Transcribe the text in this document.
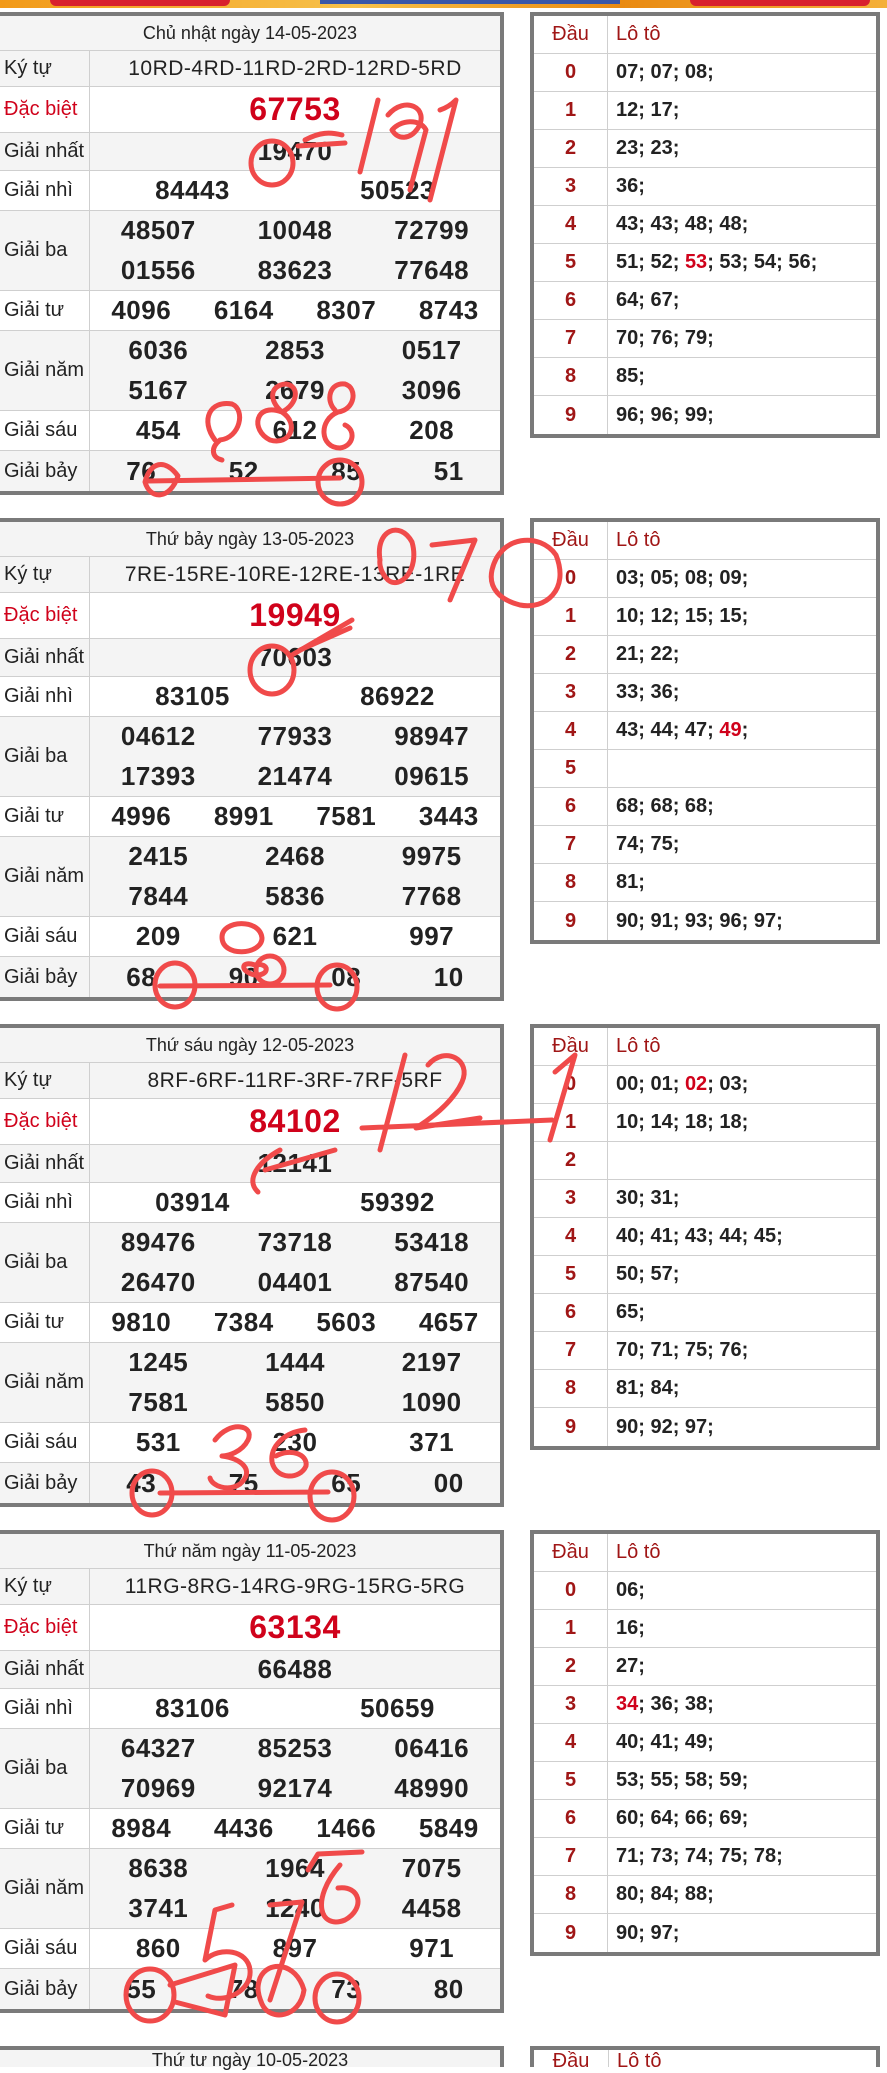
Chủ nhật ngày 14-05-2023
Ký tự	10RD-4RD-11RD-2RD-12RD-5RD
Đặc biệt	67753
Giải nhất	19470
Giải nhì	84443	50523
Giải ba
48507	10048	72799
01556	83623	77648
Giải tư	4096	6164	8307	8743
Giải năm
6036	2853	0517
5167	2679	3096
Giải sáu	454	612	208
Giải bảy	76	52	85	51
Đầu	Lô tô
0	07; 07; 08;
1	12; 17;
2	23; 23;
3	36;
4	43; 43; 48; 48;
5	51; 52; 53; 53; 54; 56;
6	64; 67;
7	70; 76; 79;
8	85;
9	96; 96; 99;
Thứ bảy ngày 13-05-2023
Ký tự	7RE-15RE-10RE-12RE-13RE-1RE
Đặc biệt	19949
Giải nhất	70603
Giải nhì	83105	86922
Giải ba
04612	77933	98947
17393	21474	09615
Giải tư	4996	8991	7581	3443
Giải năm
2415	2468	9975
7844	5836	7768
Giải sáu	209	621	997
Giải bảy	68	90	08	10
Đầu	Lô tô
0	03; 05; 08; 09;
1	10; 12; 15; 15;
2	21; 22;
3	33; 36;
4	43; 44; 47; 49;
5
6	68; 68; 68;
7	74; 75;
8	81;
9	90; 91; 93; 96; 97;
Thứ sáu ngày 12-05-2023
Ký tự	8RF-6RF-11RF-3RF-7RF-5RF
Đặc biệt	84102
Giải nhất	12141
Giải nhì	03914	59392
Giải ba
89476	73718	53418
26470	04401	87540
Giải tư	9810	7384	5603	4657
Giải năm
1245	1444	2197
7581	5850	1090
Giải sáu	531	230	371
Giải bảy	43	75	65	00
Đầu	Lô tô
0	00; 01; 02; 03;
1	10; 14; 18; 18;
2
3	30; 31;
4	40; 41; 43; 44; 45;
5	50; 57;
6	65;
7	70; 71; 75; 76;
8	81; 84;
9	90; 92; 97;
Thứ năm ngày 11-05-2023
Ký tự	11RG-8RG-14RG-9RG-15RG-5RG
Đặc biệt	63134
Giải nhất	66488
Giải nhì	83106	50659
Giải ba
64327	85253	06416
70969	92174	48990
Giải tư	8984	4436	1466	5849
Giải năm
8638	1964	7075
3741	1240	4458
Giải sáu	860	897	971
Giải bảy	55	78	73	80
Đầu	Lô tô
0	06;
1	16;
2	27;
3	34; 36; 38;
4	40; 41; 49;
5	53; 55; 58; 59;
6	60; 64; 66; 69;
7	71; 73; 74; 75; 78;
8	80; 84; 88;
9	90; 97;
Thứ tư ngày 10-05-2023	Đầu	Lô tô
